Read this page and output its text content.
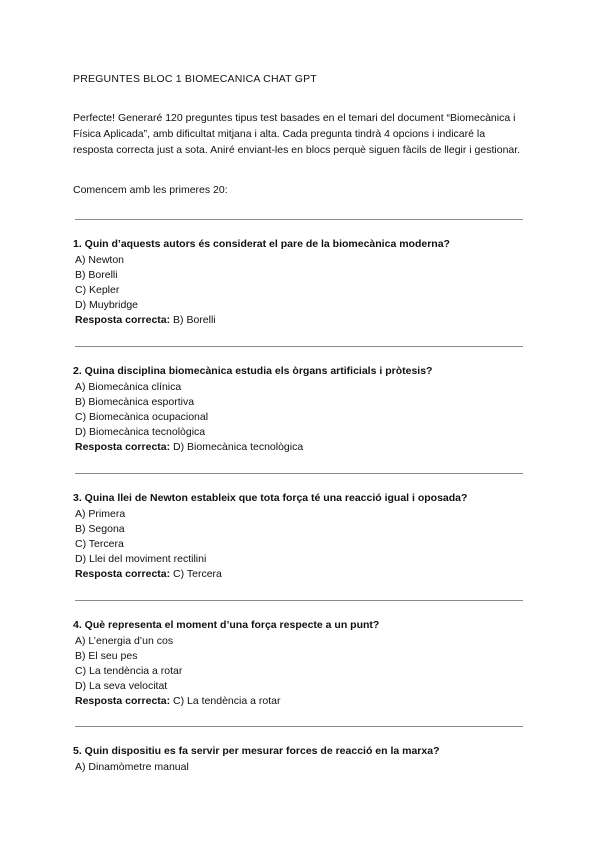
PREGUNTES BLOC 1 BIOMECANICA CHAT GPT
Perfecte! Generaré 120 preguntes tipus test basades en el temari del document “Biomecànica i Física Aplicada”, amb dificultat mitjana i alta. Cada pregunta tindrà 4 opcions i indicaré la resposta correcta just a sota. Aniré enviant-les en blocs perquè siguen fàcils de llegir i gestionar.
Comencem amb les primeres 20:
1. Quin d’aquests autors és considerat el pare de la biomecànica moderna?
A) Newton
B) Borelli
C) Kepler
D) Muybridge
Resposta correcta: B) Borelli
2. Quina disciplina biomecànica estudia els òrgans artificials i pròtesis?
A) Biomecànica clínica
B) Biomecànica esportiva
C) Biomecànica ocupacional
D) Biomecànica tecnològica
Resposta correcta: D) Biomecànica tecnològica
3. Quina llei de Newton estableix que tota força té una reacció igual i oposada?
A) Primera
B) Segona
C) Tercera
D) Llei del moviment rectilini
Resposta correcta: C) Tercera
4. Què representa el moment d’una força respecte a un punt?
A) L’energia d’un cos
B) El seu pes
C) La tendència a rotar
D) La seva velocitat
Resposta correcta: C) La tendència a rotar
5. Quin dispositiu es fa servir per mesurar forces de reacció en la marxa?
A) Dinamòmetre manual
